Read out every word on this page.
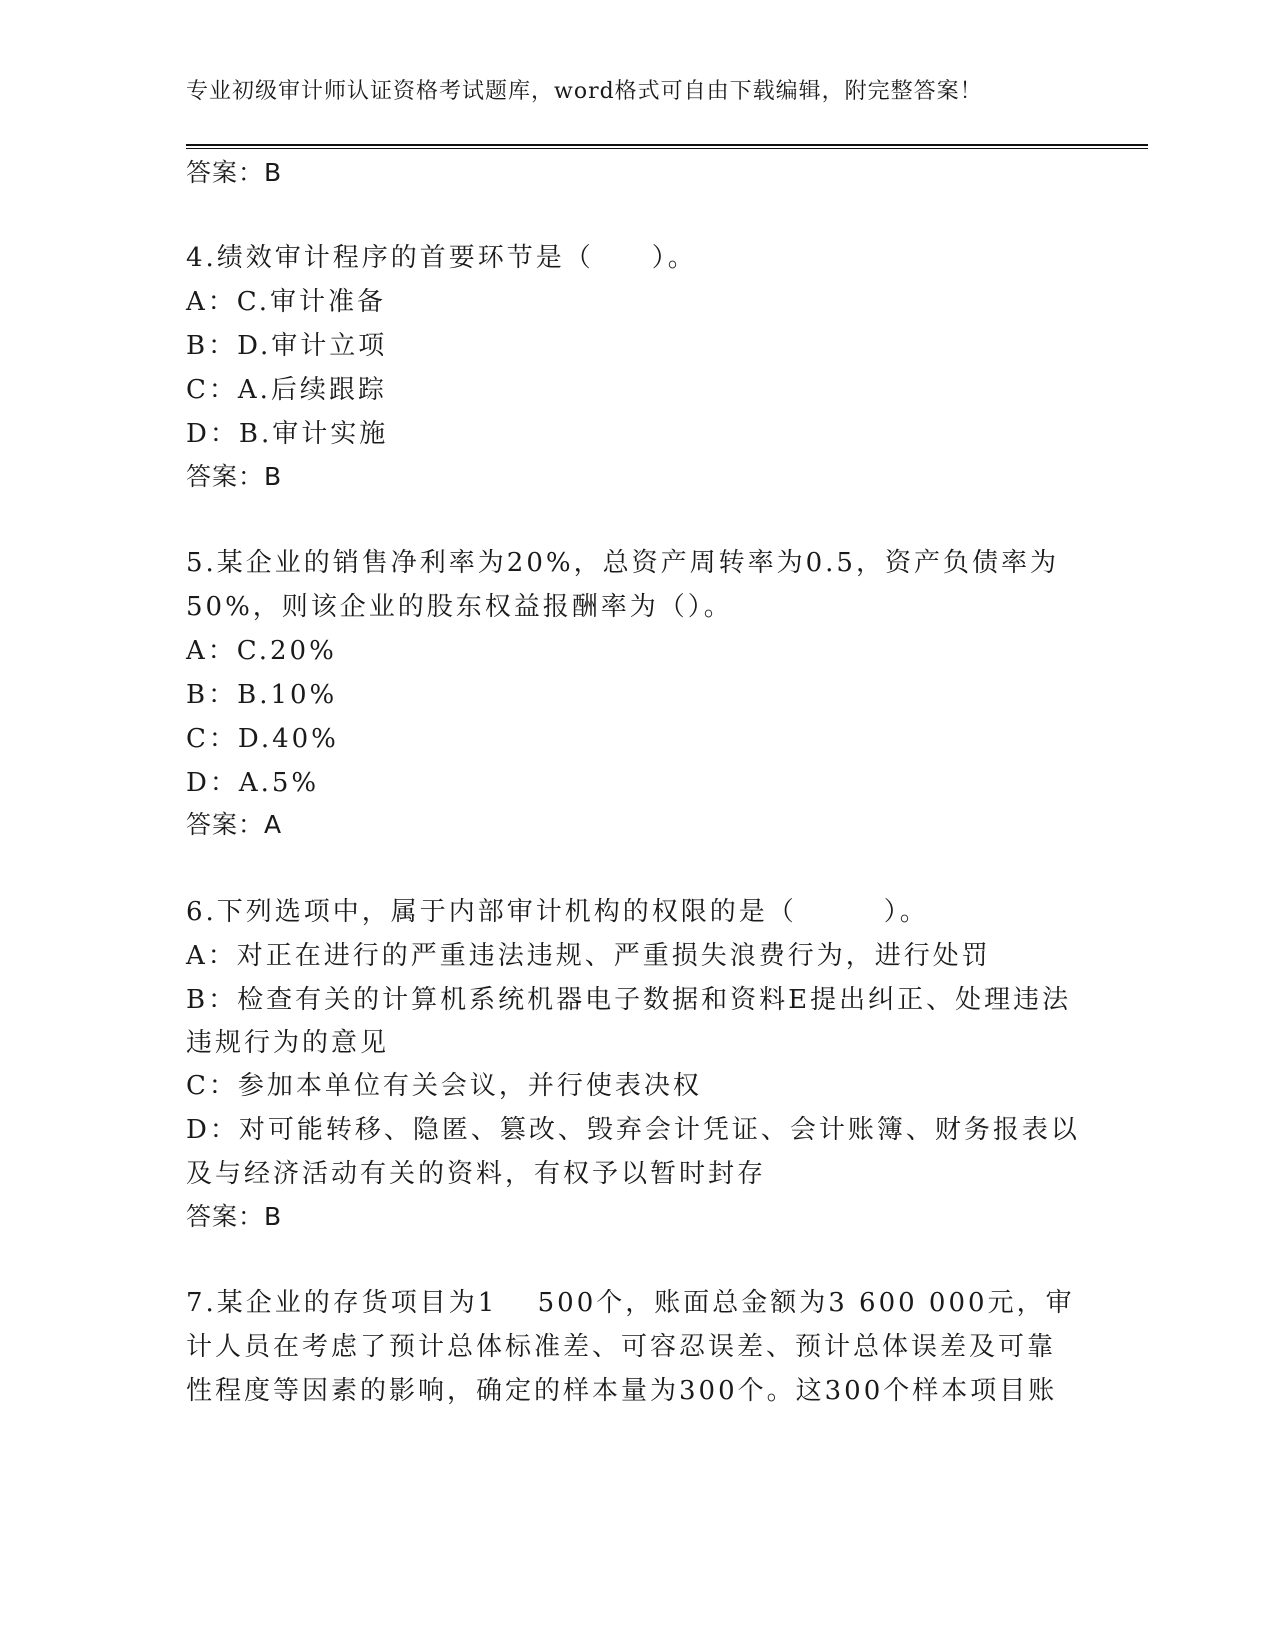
专业初级审计师认证资格考试题库，word格式可自由下载编辑，附完整答案！
答案：B
4.绩效审计程序的首要环节是（　　）。
A：C.审计准备
B：D.审计立项
C：A.后续跟踪
D：B.审计实施
答案：B
5.某企业的销售净利率为20%，总资产周转率为0.5，资产负债率为
50%，则该企业的股东权益报酬率为（）。
A：C.20%
B：B.10%
C：D.40%
D：A.5%
答案：A
6.下列选项中，属于内部审计机构的权限的是（　　　）。
A：对正在进行的严重违法违规、严重损失浪费行为，进行处罚
B：检查有关的计算机系统机器电子数据和资料E提出纠正、处理违法
违规行为的意见
C：参加本单位有关会议，并行使表决权
D：对可能转移、隐匿、篡改、毁弃会计凭证、会计账簿、财务报表以
及与经济活动有关的资料，有权予以暂时封存
答案：B
7.某企业的存货项目为1　 500个，账面总金额为3 600 000元，审
计人员在考虑了预计总体标准差、可容忍误差、预计总体误差及可靠
性程度等因素的影响，确定的样本量为300个。这300个样本项目账
